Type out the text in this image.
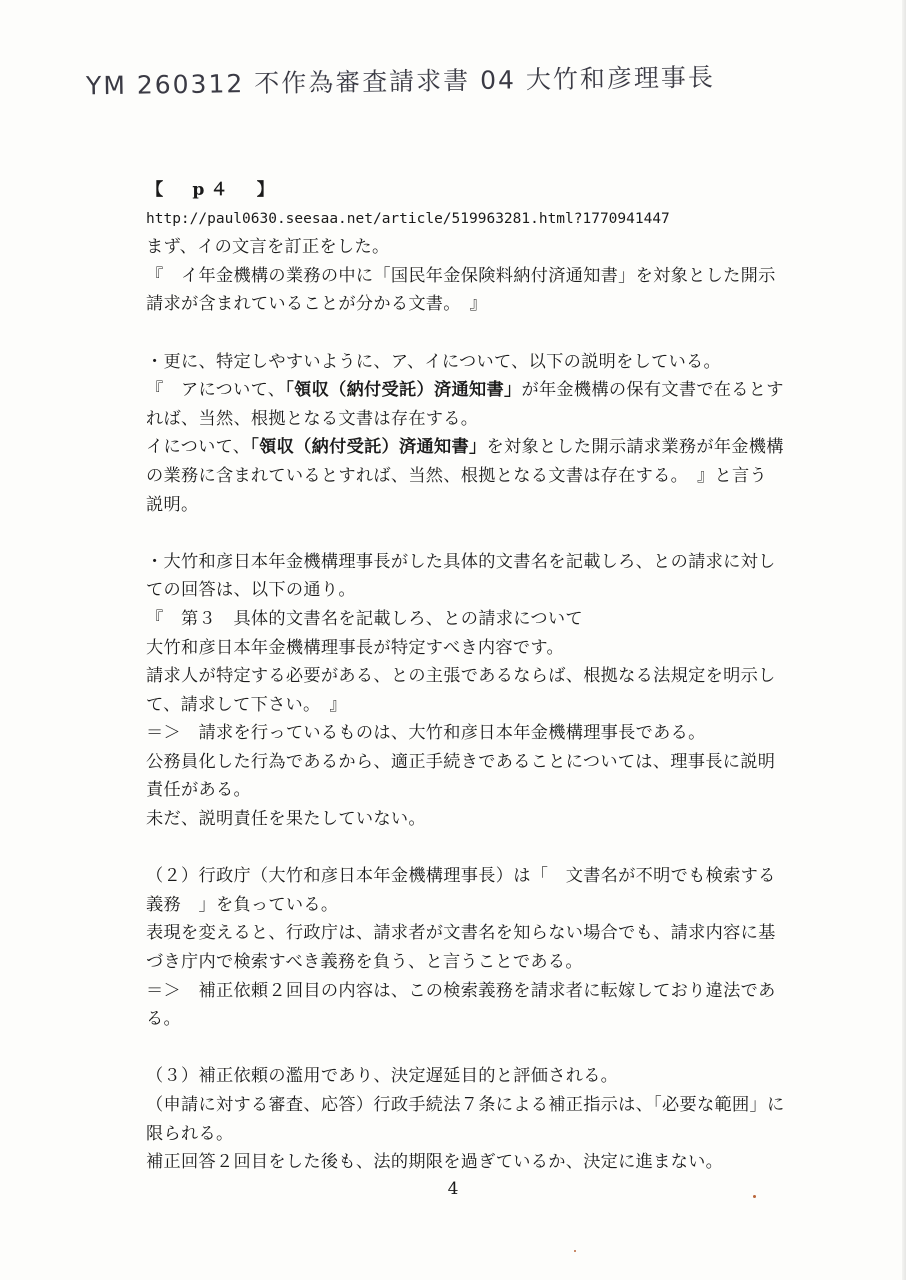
YM 260312 不作為審査請求書 04 大竹和彦理事長
【　p４　】
http://paul0630.seesaa.net/article/519963281.html?1770941447
まず、イの文言を訂正をした。
『　イ年金機構の業務の中に「国民年金保険料納付済通知書」を対象とした開示
請求が含まれていることが分かる文書。　』
・更に、特定しやすいように、ア、イについて、以下の説明をしている。
『　アについて、「領収（納付受託）済通知書」が年金機構の保有文書で在るとす
れば、当然、根拠となる文書は存在する。
イについて、「領収（納付受託）済通知書」を対象とした開示請求業務が年金機構
の業務に含まれているとすれば、当然、根拠となる文書は存在する。　』と言う
説明。
・大竹和彦日本年金機構理事長がした具体的文書名を記載しろ、との請求に対し
ての回答は、以下の通り。
『　第３　具体的文書名を記載しろ、との請求について
大竹和彦日本年金機構理事長が特定すべき内容です。
請求人が特定する必要がある、との主張であるならば、根拠なる法規定を明示し
て、請求して下さい。　』
＝＞　請求を行っているものは、大竹和彦日本年金機構理事長である。
公務員化した行為であるから、適正手続きであることについては、理事長に説明
責任がある。
未だ、説明責任を果たしていない。
（２）行政庁（大竹和彦日本年金機構理事長）は「　文書名が不明でも検索する
義務　」を負っている。
表現を変えると、行政庁は、請求者が文書名を知らない場合でも、請求内容に基
づき庁内で検索すべき義務を負う、と言うことである。
＝＞　補正依頼２回目の内容は、この検索義務を請求者に転嫁しており違法であ
る。
（３）補正依頼の濫用であり、決定遅延目的と評価される。
（申請に対する審査、応答）行政手続法７条による補正指示は、「必要な範囲」に
限られる。
補正回答２回目をした後も、法的期限を過ぎているか、決定に進まない。
4
